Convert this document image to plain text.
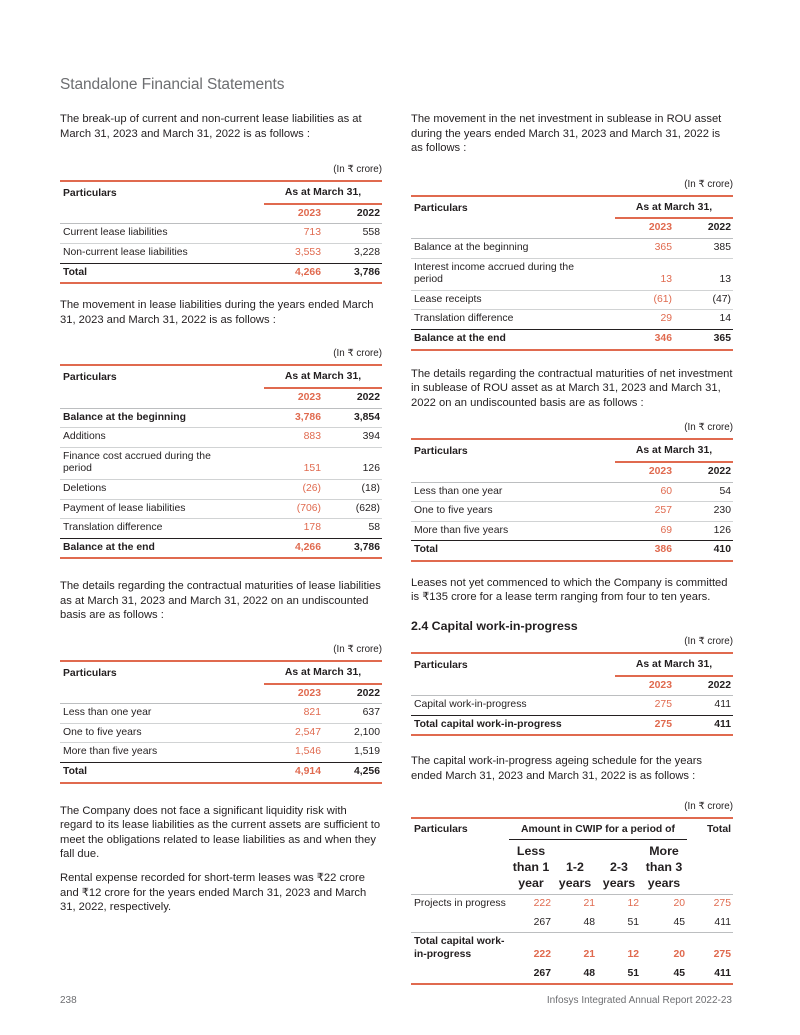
Standalone Financial Statements

The break-up of current and non-current lease liabilities as at March 31, 2023 and March 31, 2022 is as follows :

(In ₹ crore)
Particulars	As at March 31,	
	2023	2022
Current lease liabilities	713	558
Non-current lease liabilities	3,553	3,228
Total	4,266	3,786

The movement in lease liabilities during the years ended March 31, 2023 and March 31, 2022 is as follows :

(In ₹ crore)
Particulars	As at March 31,	
	2023	2022
Balance at the beginning	3,786	3,854
Additions	883	394
Finance cost accrued during the period	151	126
Deletions	(26)	(18)
Payment of lease liabilities	(706)	(628)
Translation difference	178	58
Balance at the end	4,266	3,786

The details regarding the contractual maturities of lease liabilities as at March 31, 2023 and March 31, 2022 on an undiscounted basis are as follows :

(In ₹ crore)
Particulars	As at March 31,	
	2023	2022
Less than one year	821	637
One to five years	2,547	2,100
More than five years	1,546	1,519
Total	4,914	4,256

The Company does not face a significant liquidity risk with regard to its lease liabilities as the current assets are sufficient to meet the obligations related to lease liabilities as and when they fall due.

Rental expense recorded for short-term leases was ₹22 crore and ₹12 crore for the years ended March 31, 2023 and March 31, 2022, respectively.

The movement in the net investment in sublease in ROU asset during the years ended March 31, 2023 and March 31, 2022 is as follows :

(In ₹ crore)
Particulars	As at March 31,	
	2023	2022
Balance at the beginning	365	385
Interest income accrued during the period	13	13
Lease receipts	(61)	(47)
Translation difference	29	14
Balance at the end	346	365

The details regarding the contractual maturities of net investment in sublease of ROU asset as at March 31, 2023 and March 31, 2022 on an undiscounted basis are as follows :

(In ₹ crore)
Particulars	As at March 31,	
	2023	2022
Less than one year	60	54
One to five years	257	230
More than five years	69	126
Total	386	410

Leases not yet commenced to which the Company is committed is ₹135 crore for a lease term ranging from four to ten years.

2.4 Capital work-in-progress

(In ₹ crore)
Particulars	As at March 31,	
	2023	2022
Capital work-in-progress	275	411
Total capital work-in-progress	275	411

The capital work-in-progress ageing schedule for the years ended March 31, 2023 and March 31, 2022 is as follows :

(In ₹ crore)
Particulars	Amount in CWIP for a period of				Total
	Less than 1 year	1-2 years	2-3 years	More than 3 years	
Projects in progress	222	21	12	20	275
	267	48	51	45	411
Total capital work-in-progress	222	21	12	20	275
	267	48	51	45	411
238	Infosys Integrated Annual Report 2022-23
